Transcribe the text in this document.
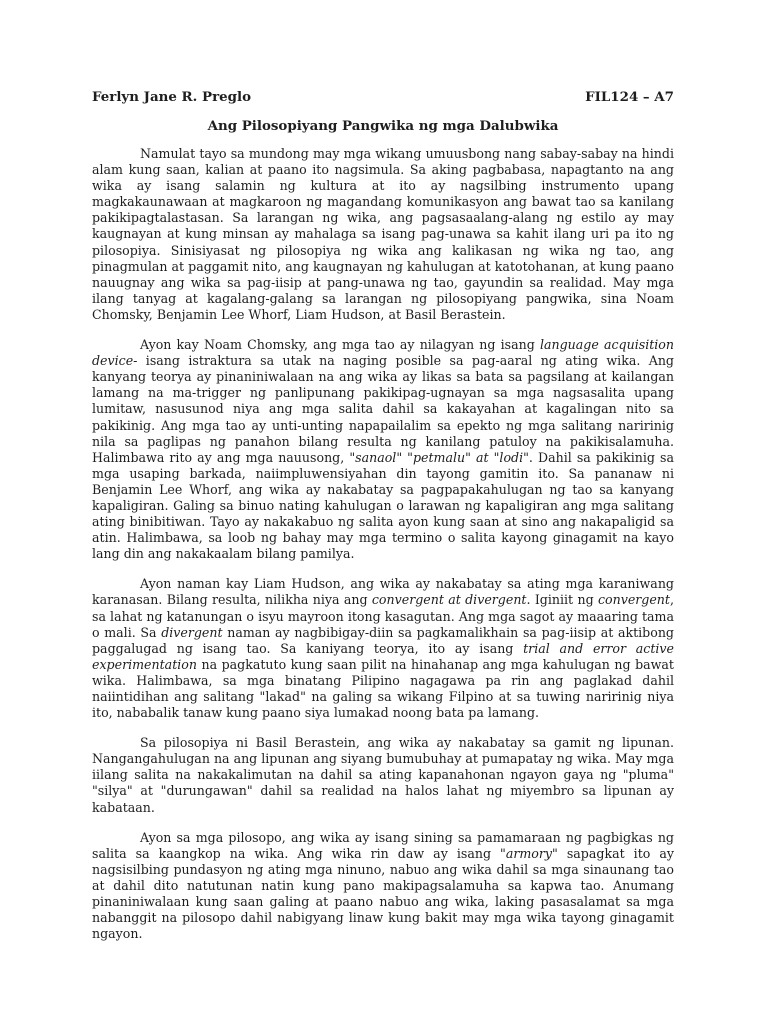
Ferlyn Jane R. Preglo	FIL124 – A7
Ang Pilosopiyang Pangwika ng mga Dalubwika

Namulat tayo sa mundong may mga wikang umuusbong nang sabay-sabay na hindi alam kung saan, kalian at paano ito nagsimula. Sa aking pagbabasa, napagtanto na ang wika ay isang salamin ng kultura at ito ay nagsilbing instrumento upang magkakaunawaan at magkaroon ng magandang komunikasyon ang bawat tao sa kanilang pakikipagtalastasan. Sa larangan ng wika, ang pagsasaalang-alang ng estilo ay may kaugnayan at kung minsan ay mahalaga sa isang pag-unawa sa kahit ilang uri pa ito ng pilosopiya. Sinisiyasat ng pilosopiya ng wika ang kalikasan ng wika ng tao, ang pinagmulan at paggamit nito, ang kaugnayan ng kahulugan at katotohanan, at kung paano nauugnay ang wika sa pag-iisip at pang-unawa ng tao, gayundin sa realidad. May mga ilang tanyag at kagalang-galang sa larangan ng pilosopiyang pangwika, sina Noam Chomsky, Benjamin Lee Whorf, Liam Hudson, at Basil Berastein.

Ayon kay Noam Chomsky, ang mga tao ay nilagyan ng isang language acquisition device- isang istraktura sa utak na naging posible sa pag-aaral ng ating wika. Ang kanyang teorya ay pinaniniwalaan na ang wika ay likas sa bata sa pagsilang at kailangan lamang na ma-trigger ng panlipunang pakikipag-ugnayan sa mga nagsasalita upang lumitaw, nasusunod niya ang mga salita dahil sa kakayahan at kagalingan nito sa pakikinig. Ang mga tao ay unti-unting napapailalim sa epekto ng mga salitang naririnig nila sa paglipas ng panahon bilang resulta ng kanilang patuloy na pakikisalamuha. Halimbawa rito ay ang mga nauusong, "sanaol" "petmalu" at "lodi". Dahil sa pakikinig sa mga usaping barkada, naiimpluwensiyahan din tayong gamitin ito. Sa pananaw ni Benjamin Lee Whorf, ang wika ay nakabatay sa pagpapakahulugan ng tao sa kanyang kapaligiran. Galing sa binuo nating kahulugan o larawan ng kapaligiran ang mga salitang ating binibitiwan. Tayo ay nakakabuo ng salita ayon kung saan at sino ang nakapaligid sa atin. Halimbawa, sa loob ng bahay may mga termino o salita kayong ginagamit na kayo lang din ang nakakaalam bilang pamilya.

Ayon naman kay Liam Hudson, ang wika ay nakabatay sa ating mga karaniwang karanasan. Bilang resulta, nilikha niya ang convergent at divergent. Iginiit ng convergent, sa lahat ng katanungan o isyu mayroon itong kasagutan. Ang mga sagot ay maaaring tama o mali. Sa divergent naman ay nagbibigay-diin sa pagkamalikhain sa pag-iisip at aktibong paggalugad ng isang tao. Sa kaniyang teorya, ito ay isang trial and error active experimentation na pagkatuto kung saan pilit na hinahanap ang mga kahulugan ng bawat wika. Halimbawa, sa mga binatang Pilipino nagagawa pa rin ang paglakad dahil naiintidihan ang salitang "lakad" na galing sa wikang Filpino at sa tuwing naririnig niya ito, nababalik tanaw kung paano siya lumakad noong bata pa lamang.

Sa pilosopiya ni Basil Berastein, ang wika ay nakabatay sa gamit ng lipunan. Nangangahulugan na ang lipunan ang siyang bumubuhay at pumapatay ng wika. May mga iilang salita na nakakalimutan na dahil sa ating kapanahonan ngayon gaya ng "pluma" "silya" at "durungawan" dahil sa realidad na halos lahat ng miyembro sa lipunan ay kabataan.

Ayon sa mga pilosopo, ang wika ay isang sining sa pamamaraan ng pagbigkas ng salita sa kaangkop na wika. Ang wika rin daw ay isang "armory" sapagkat ito ay nagsisilbing pundasyon ng ating mga ninuno, nabuo ang wika dahil sa mga sinaunang tao at dahil dito natutunan natin kung pano makipagsalamuha sa kapwa tao. Anumang pinaniniwalaan kung saan galing at paano nabuo ang wika, laking pasasalamat sa mga nabanggit na pilosopo dahil nabigyang linaw kung bakit may mga wika tayong ginagamit ngayon.
